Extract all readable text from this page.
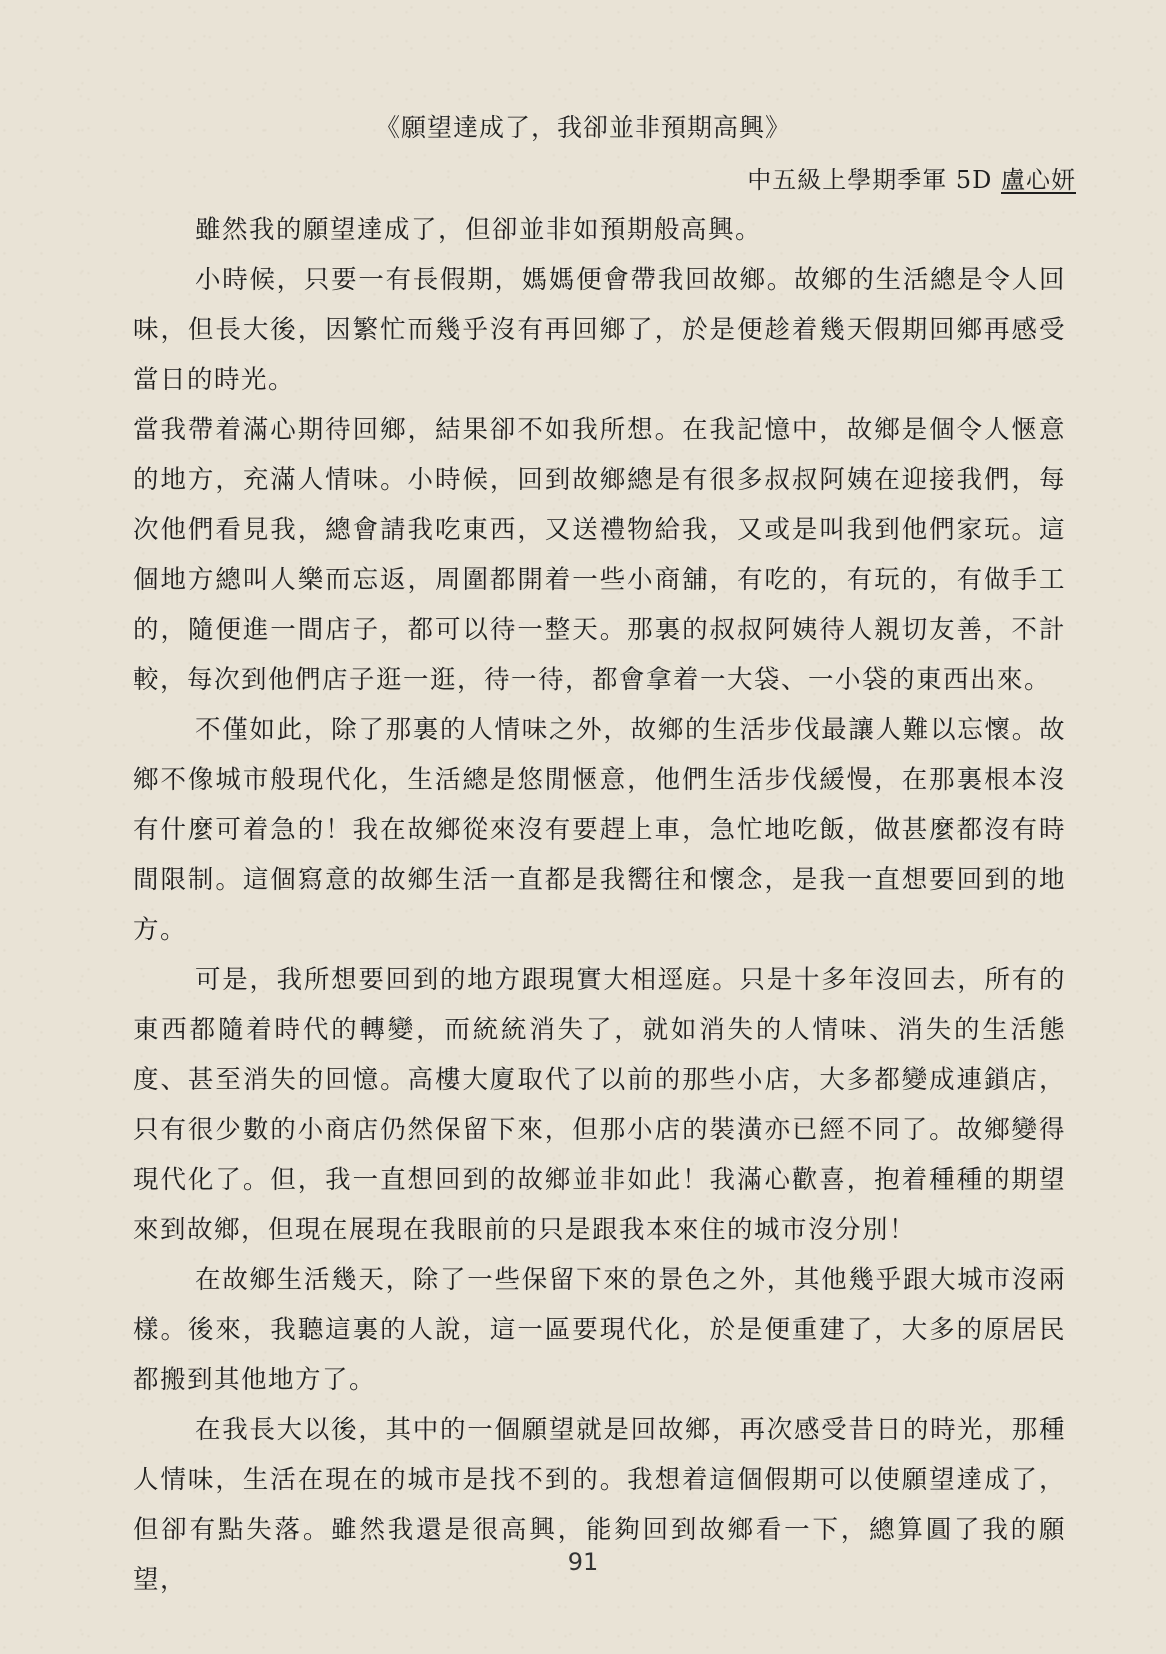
《願望達成了，我卻並非預期高興》
中五級上學期季軍 5D 盧心妍

雖然我的願望達成了，但卻並非如預期般高興。

小時候，只要一有長假期，媽媽便會帶我回故鄉。故鄉的生活總是令人回味，但長大後，因繁忙而幾乎沒有再回鄉了，於是便趁着幾天假期回鄉再感受當日的時光。

當我帶着滿心期待回鄉，結果卻不如我所想。在我記憶中，故鄉是個令人愜意的地方，充滿人情味。小時候，回到故鄉總是有很多叔叔阿姨在迎接我們，每次他們看見我，總會請我吃東西，又送禮物給我，又或是叫我到他們家玩。這個地方總叫人樂而忘返，周圍都開着一些小商舖，有吃的，有玩的，有做手工的，隨便進一間店子，都可以待一整天。那裏的叔叔阿姨待人親切友善，不計較，每次到他們店子逛一逛，待一待，都會拿着一大袋、一小袋的東西出來。

不僅如此，除了那裏的人情味之外，故鄉的生活步伐最讓人難以忘懷。故鄉不像城市般現代化，生活總是悠閒愜意，他們生活步伐緩慢，在那裏根本沒有什麼可着急的！我在故鄉從來沒有要趕上車，急忙地吃飯，做甚麼都沒有時間限制。這個寫意的故鄉生活一直都是我嚮往和懷念，是我一直想要回到的地方。

可是，我所想要回到的地方跟現實大相逕庭。只是十多年沒回去，所有的東西都隨着時代的轉變，而統統消失了，就如消失的人情味、消失的生活態度、甚至消失的回憶。高樓大廈取代了以前的那些小店，大多都變成連鎖店，只有很少數的小商店仍然保留下來，但那小店的裝潢亦已經不同了。故鄉變得現代化了。但，我一直想回到的故鄉並非如此！我滿心歡喜，抱着種種的期望來到故鄉，但現在展現在我眼前的只是跟我本來住的城市沒分別！

在故鄉生活幾天，除了一些保留下來的景色之外，其他幾乎跟大城市沒兩樣。後來，我聽這裏的人說，這一區要現代化，於是便重建了，大多的原居民都搬到其他地方了。

在我長大以後，其中的一個願望就是回故鄉，再次感受昔日的時光，那種人情味，生活在現在的城市是找不到的。我想着這個假期可以使願望達成了，但卻有點失落。雖然我還是很高興，能夠回到故鄉看一下，總算圓了我的願望，

91
